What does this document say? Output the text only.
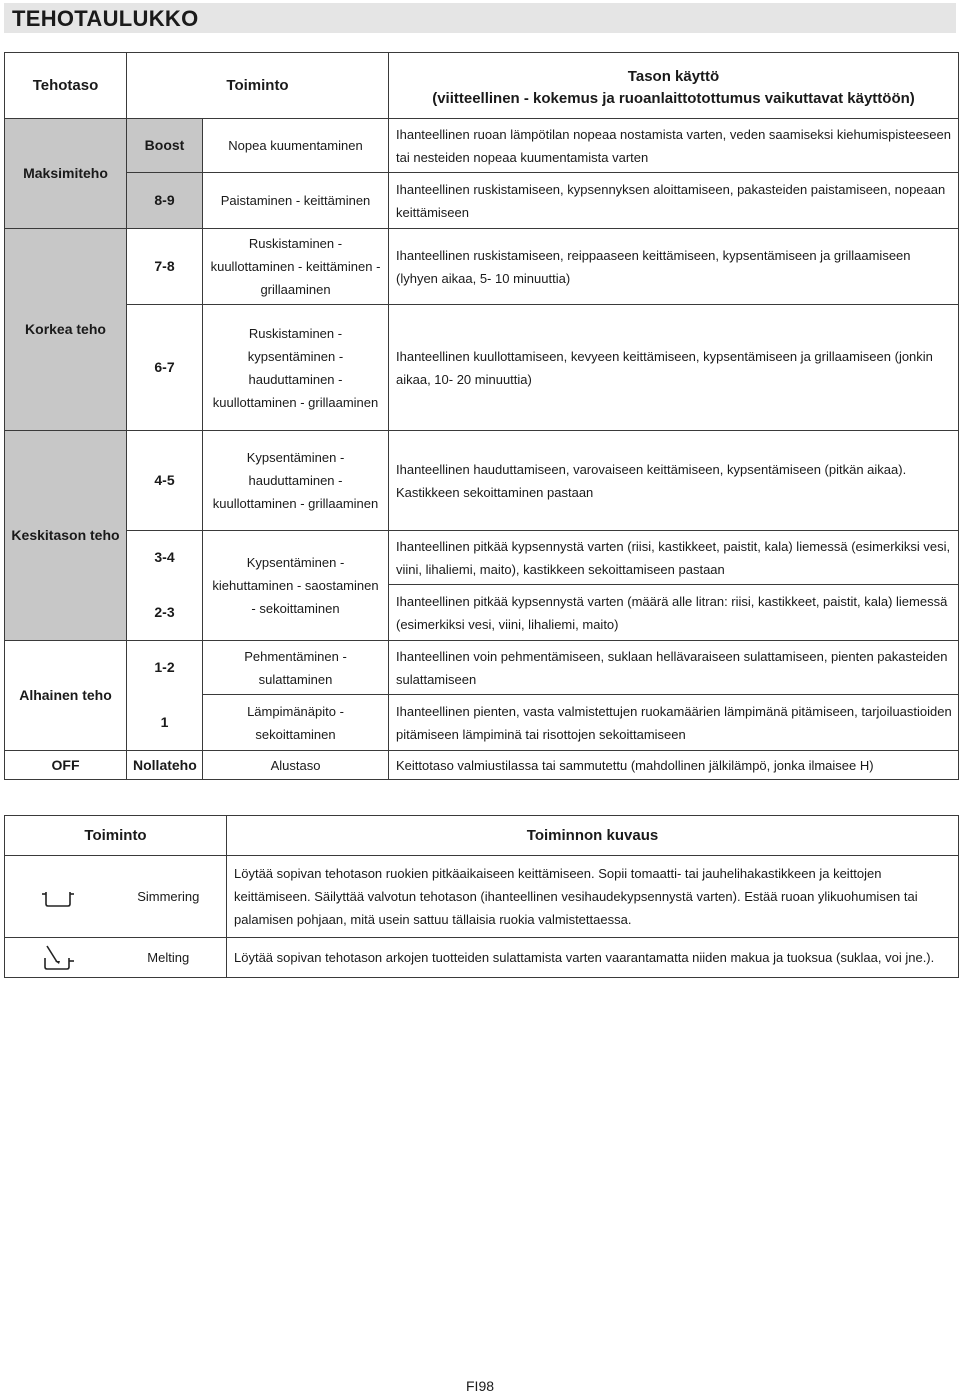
TEHOTAULUKKO
Tehotaso	Toiminto		Tason käyttö
(viitteellinen - kokemus ja ruoanlaittotottumus vaikuttavat käyttöön)

Maksimiteho	Boost	Nopea kuumentaminen	Ihanteellinen ruoan lämpötilan nopeaa nostamista varten, veden saamiseksi kiehumispisteeseen tai nesteiden nopeaa kuumentamista varten
	8-9	Paistaminen - keittäminen	Ihanteellinen ruskistamiseen, kypsennyksen aloittamiseen, pakasteiden paistamiseen, nopeaan keittämiseen
Korkea teho	7-8	Ruskistaminen - kuullottaminen - keittäminen - grillaaminen	Ihanteellinen ruskistamiseen, reippaaseen keittämiseen, kypsentämiseen ja grillaamiseen (lyhyen aikaa, 5- 10 minuuttia)
	6-7	Ruskistaminen - kypsentäminen - hauduttaminen - kuullottaminen - grillaaminen	Ihanteellinen kuullottamiseen, kevyeen keittämiseen, kypsentämiseen ja grillaamiseen (jonkin aikaa, 10- 20 minuuttia)
Keskitason teho	4-5	Kypsentäminen - hauduttaminen - kuullottaminen - grillaaminen	Ihanteellinen hauduttamiseen, varovaiseen keittämiseen, kypsentämiseen (pitkän aikaa). Kastikkeen sekoittaminen pastaan
	3-4	Kypsentäminen - kiehuttaminen - saostaminen - sekoittaminen	Ihanteellinen pitkää kypsennystä varten (riisi, kastikkeet, paistit, kala) liemessä (esimerkiksi vesi, viini, lihaliemi, maito), kastikkeen sekoittamiseen pastaan
	2-3		Ihanteellinen pitkää kypsennystä varten (määrä alle litran: riisi, kastikkeet, paistit, kala) liemessä (esimerkiksi vesi, viini, lihaliemi, maito)
Alhainen teho	1-2	Pehmentäminen - sulattaminen	Ihanteellinen voin pehmentämiseen, suklaan hellävaraiseen sulattamiseen, pienten pakasteiden sulattamiseen
	1	Lämpimänäpito - sekoittaminen	Ihanteellinen pienten, vasta valmistettujen ruokamäärien lämpimänä pitämiseen, tarjoiluastioiden pitämiseen lämpiminä tai risottojen sekoittamiseen
OFF	Nollateho	Alustaso	Keittotaso valmiustilassa tai sammutettu (mahdollinen jälkilämpö, jonka ilmaisee H)
Toiminto		Toiminnon kuvaus

	Simmering	Löytää sopivan tehotason ruokien pitkäaikaiseen keittämiseen. Sopii tomaatti- tai jauhelihakastikkeen ja keittojen keittämiseen. Säilyttää valvotun tehotason (ihanteellinen vesihaudekypsennystä varten). Estää ruoan ylikuohumisen tai palamisen pohjaan, mitä usein sattuu tällaisia ruokia valmistettaessa.

	Melting	Löytää sopivan tehotason arkojen tuotteiden sulattamista varten vaarantamatta niiden makua ja tuoksua (suklaa, voi jne.).
FI98
